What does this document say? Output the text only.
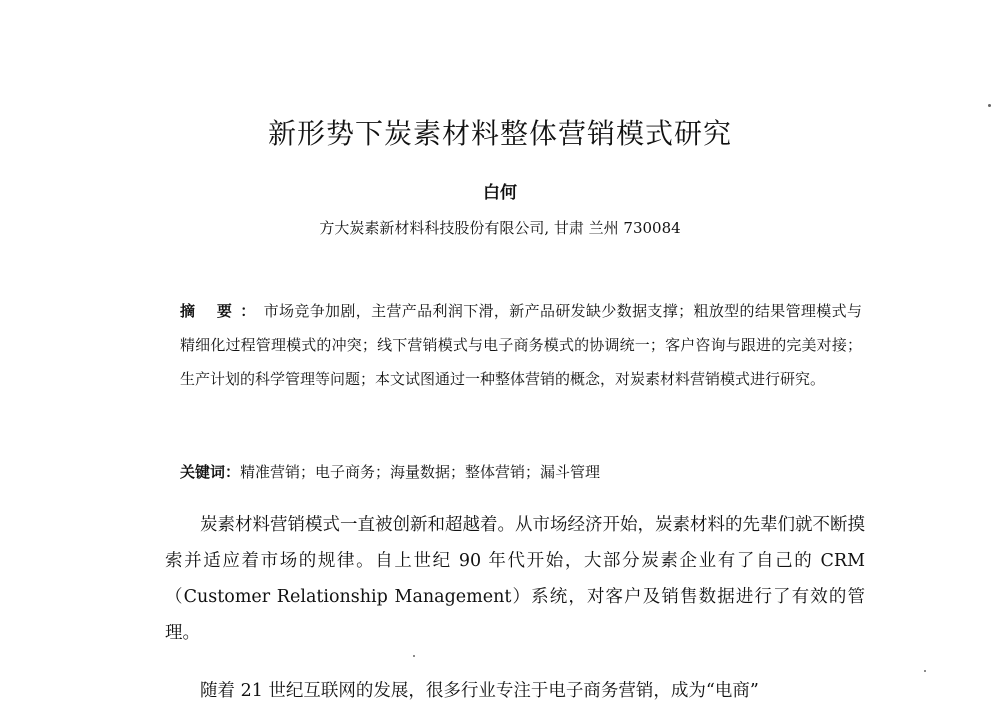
新形势下炭素材料整体营销模式研究
白何
方大炭素新材料科技股份有限公司, 甘肃 兰州 730084
摘 要：市场竞争加剧，主营产品利润下滑，新产品研发缺少数据支撑；粗放型的结果管理模式与精细化过程管理模式的冲突；线下营销模式与电子商务模式的协调统一；客户咨询与跟进的完美对接；生产计划的科学管理等问题；本文试图通过一种整体营销的概念，对炭素材料营销模式进行研究。
关键词：精准营销；电子商务；海量数据；整体营销；漏斗管理
炭素材料营销模式一直被创新和超越着。从市场经济开始，炭素材料的先辈们就不断摸索并适应着市场的规律。自上世纪 90 年代开始，大部分炭素企业有了自己的 CRM（Customer Relationship Management）系统，对客户及销售数据进行了有效的管理。
随着 21 世纪互联网的发展，很多行业专注于电子商务营销，成为“电商”
